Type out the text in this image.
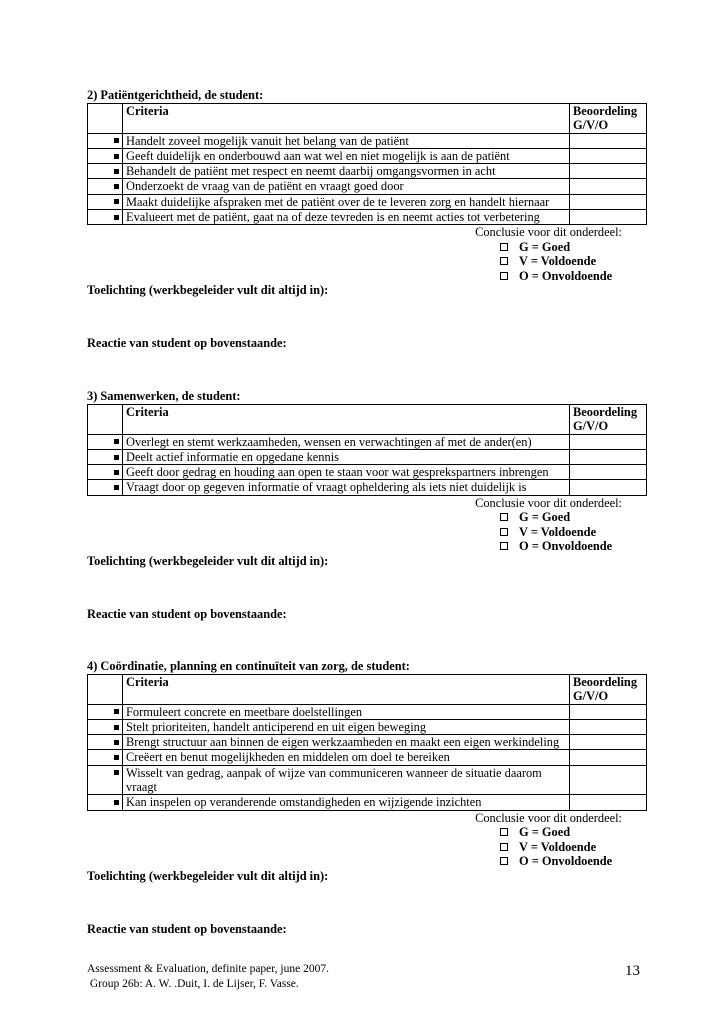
2) Patiëntgerichtheid, de student:
	Criteria	Beoordeling
G/V/O
	Handelt zoveel mogelijk vanuit het belang van de patiënt	
	Geeft duidelijk en onderbouwd aan wat wel en niet mogelijk is aan de patiënt	
	Behandelt de patiënt met respect en neemt daarbij omgangsvormen in acht	
	Onderzoekt de vraag van de patiënt en vraagt goed door	
	Maakt duidelijke afspraken met de patiënt over de te leveren zorg en handelt hiernaar	
	Evalueert met de patiënt, gaat na of deze tevreden is en neemt acties tot verbetering	
Conclusie voor dit onderdeel:
G = Goed
V = Voldoende
O = Onvoldoende
Toelichting (werkbegeleider vult dit altijd in):
Reactie van student op bovenstaande:
3) Samenwerken, de student:
	Criteria	Beoordeling
G/V/O
	Overlegt en stemt werkzaamheden, wensen en verwachtingen af met de ander(en)	
	Deelt actief informatie en opgedane kennis	
	Geeft door gedrag en houding aan open te staan voor wat gesprekspartners inbrengen	
	Vraagt door op gegeven informatie of vraagt opheldering als iets niet duidelijk is	
Conclusie voor dit onderdeel:
G = Goed
V = Voldoende
O = Onvoldoende
Toelichting (werkbegeleider vult dit altijd in):
Reactie van student op bovenstaande:
4) Coördinatie, planning en continuïteit van zorg, de student:
	Criteria	Beoordeling
G/V/O
	Formuleert concrete en meetbare doelstellingen	
	Stelt prioriteiten, handelt anticiperend en uit eigen beweging	
	Brengt structuur aan binnen de eigen werkzaamheden en maakt een eigen werkindeling	
	Creëert en benut mogelijkheden en middelen om doel te bereiken	
	Wisselt van gedrag, aanpak of wijze van communiceren wanneer de situatie daarom vraagt	
	Kan inspelen op veranderende omstandigheden en wijzigende inzichten	
Conclusie voor dit onderdeel:
G = Goed
V = Voldoende
O = Onvoldoende
Toelichting (werkbegeleider vult dit altijd in):
Reactie van student op bovenstaande:
Assessment & Evaluation, definite paper, june 2007.
Group 26b: A. W. .Duit, I. de Lijser, F. Vasse.
13
